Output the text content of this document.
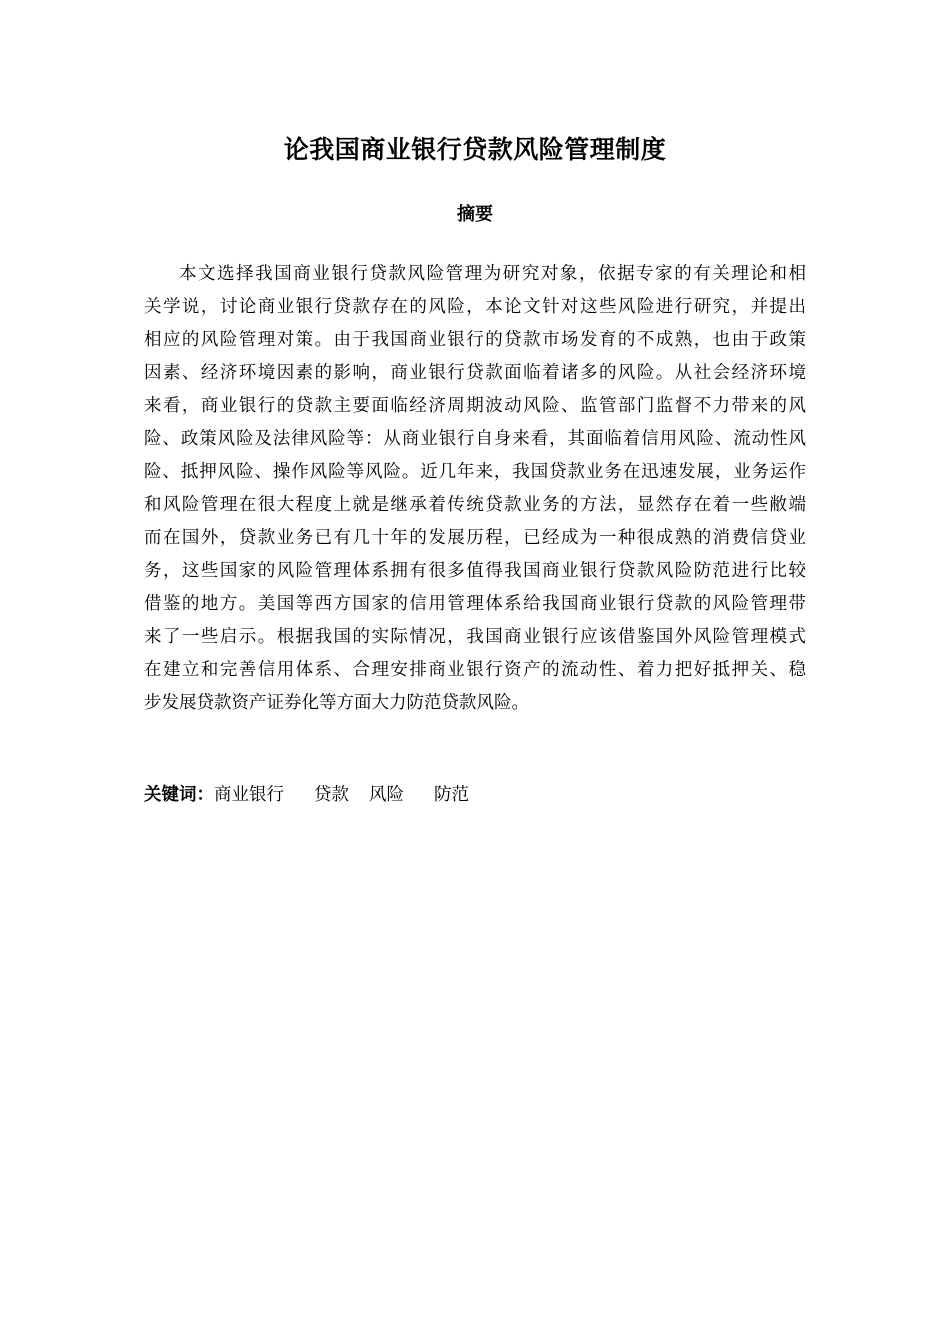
论我国商业银行贷款风险管理制度
摘要
本文选择我国商业银行贷款风险管理为研究对象，依据专家的有关理论和相
关学说，讨论商业银行贷款存在的风险，本论文针对这些风险进行研究，并提出
相应的风险管理对策。由于我国商业银行的贷款市场发育的不成熟，也由于政策
因素、经济环境因素的影响，商业银行贷款面临着诸多的风险。从社会经济环境
来看，商业银行的贷款主要面临经济周期波动风险、监管部门监督不力带来的风
险、政策风险及法律风险等：从商业银行自身来看，其面临着信用风险、流动性风
险、抵押风险、操作风险等风险。近几年来，我国贷款业务在迅速发展，业务运作
和风险管理在很大程度上就是继承着传统贷款业务的方法，显然存在着一些敝端
而在国外，贷款业务已有几十年的发展历程，已经成为一种很成熟的消费信贷业
务，这些国家的风险管理体系拥有很多值得我国商业银行贷款风险防范进行比较
借鉴的地方。美国等西方国家的信用管理体系给我国商业银行贷款的风险管理带
来了一些启示。根据我国的实际情况，我国商业银行应该借鉴国外风险管理模式
在建立和完善信用体系、合理安排商业银行资产的流动性、着力把好抵押关、稳
步发展贷款资产证券化等方面大力防范贷款风险。
关键词：商业银行 贷款 风险 防范
